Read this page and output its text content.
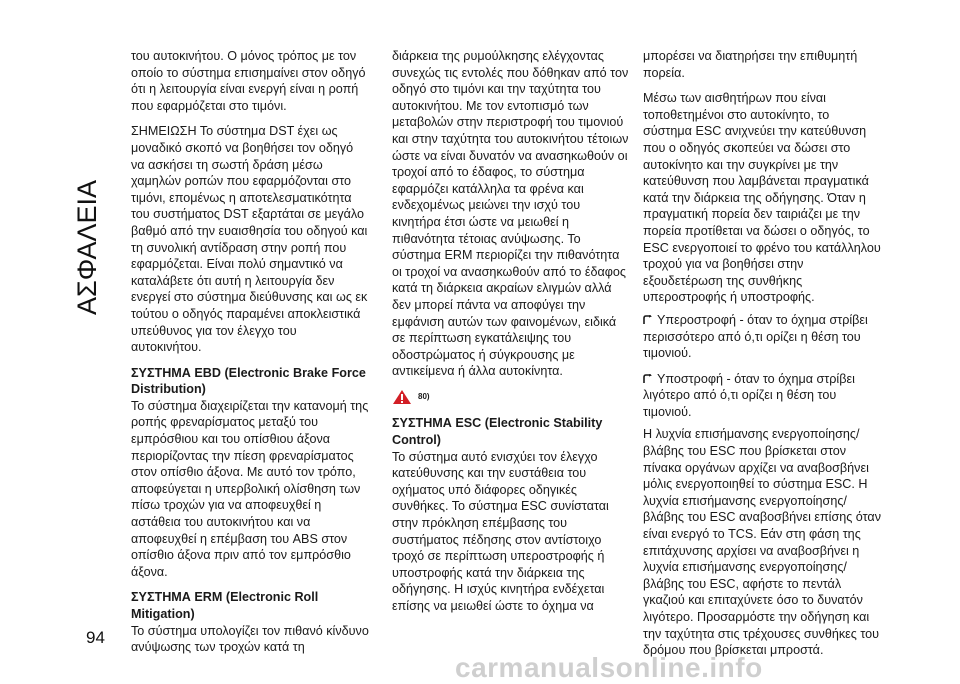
ΑΣΦΑΛΕΙΑ

του αυτοκινήτου. Ο μόνος τρόπος με τον οποίο το σύστημα επισημαίνει στον οδηγό ότι η λειτουργία είναι ενεργή είναι η ροπή που εφαρμόζεται στο τιμόνι.

ΣΗΜΕΙΩΣΗ Το σύστημα DST έχει ως μοναδικό σκοπό να βοηθήσει τον οδηγό να ασκήσει τη σωστή δράση μέσω χαμηλών ροπών που εφαρμόζονται στο τιμόνι, επομένως η αποτελεσματικότητα του συστήματος DST εξαρτάται σε μεγάλο βαθμό από την ευαισθησία του οδηγού και τη συνολική αντίδραση στην ροπή που εφαρμόζεται. Είναι πολύ σημαντικό να καταλάβετε ότι αυτή η λειτουργία δεν ενεργεί στο σύστημα διεύθυνσης και ως εκ τούτου ο οδηγός παραμένει αποκλειστικά υπεύθυνος για τον έλεγχο του αυτοκινήτου.

ΣΥΣΤΗΜΑ EBD (Electronic Brake Force Distribution)

Το σύστημα διαχειρίζεται την κατανομή της ροπής φρεναρίσματος μεταξύ του εμπρόσθιου και του οπίσθιου άξονα περιορίζοντας την πίεση φρεναρίσματος στον οπίσθιο άξονα. Με αυτό τον τρόπο, αποφεύγεται η υπερβολική ολίσθηση των πίσω τροχών για να αποφευχθεί η αστάθεια του αυτοκινήτου και να αποφευχθεί η επέμβαση του ABS στον οπίσθιο άξονα πριν από τον εμπρόσθιο άξονα.

ΣΥΣΤΗΜΑ ERM (Electronic Roll Mitigation)

Το σύστημα υπολογίζει τον πιθανό κίνδυνο ανύψωσης των τροχών κατά τη

διάρκεια της ρυμούλκησης ελέγχοντας συνεχώς τις εντολές που δόθηκαν από τον οδηγό στο τιμόνι και την ταχύτητα του αυτοκινήτου. Με τον εντοπισμό των μεταβολών στην περιστροφή του τιμονιού και στην ταχύτητα του αυτοκινήτου τέτοιων ώστε να είναι δυνατόν να ανασηκωθούν οι τροχοί από το έδαφος, το σύστημα εφαρμόζει κατάλληλα τα φρένα και ενδεχομένως μειώνει την ισχύ του κινητήρα έτσι ώστε να μειωθεί η πιθανότητα τέτοιας ανύψωσης. Το σύστημα ERM περιορίζει την πιθανότητα οι τροχοί να ανασηκωθούν από το έδαφος κατά τη διάρκεια ακραίων ελιγμών αλλά δεν μπορεί πάντα να αποφύγει την εμφάνιση αυτών των φαινομένων, ειδικά σε περίπτωση εγκατάλειψης του οδοστρώματος ή σύγκρουσης με αντικείμενα ή άλλα αυτοκίνητα.

80)
ΣΥΣΤΗΜΑ ESC (Electronic Stability Control)

Το σύστημα αυτό ενισχύει τον έλεγχο κατεύθυνσης και την ευστάθεια του οχήματος υπό διάφορες οδηγικές συνθήκες. Το σύστημα ESC συνίσταται στην πρόκληση επέμβασης του συστήματος πέδησης στον αντίστοιχο τροχό σε περίπτωση υπεροστροφής ή υποστροφής κατά την διάρκεια της οδήγησης. Η ισχύς κινητήρα ενδέχεται επίσης να μειωθεί ώστε το όχημα να

μπορέσει να διατηρήσει την επιθυμητή πορεία.

Μέσω των αισθητήρων που είναι τοποθετημένοι στο αυτοκίνητο, το σύστημα ESC ανιχνεύει την κατεύθυνση που ο οδηγός σκοπεύει να δώσει στο αυτοκίνητο και την συγκρίνει με την κατεύθυνση που λαμβάνεται πραγματικά κατά την διάρκεια της οδήγησης. Όταν η πραγματική πορεία δεν ταιριάζει με την πορεία προτίθεται να δώσει ο οδηγός, το ESC ενεργοποιεί το φρένο του κατάλληλου τροχού για να βοηθήσει στην εξουδετέρωση της συνθήκης υπεροστροφής ή υποστροφής.

Υπεροστροφή - όταν το όχημα στρίβει περισσότερο από ό,τι ορίζει η θέση του τιμονιού.

Υποστροφή - όταν το όχημα στρίβει λιγότερο από ό,τι ορίζει η θέση του τιμονιού.

Η λυχνία επισήμανσης ενεργοποίησης/βλάβης του ESC που βρίσκεται στον πίνακα οργάνων αρχίζει να αναβοσβήνει μόλις ενεργοποιηθεί το σύστημα ESC. Η λυχνία επισήμανσης ενεργοποίησης/βλάβης του ESC αναβοσβήνει επίσης όταν είναι ενεργό το TCS. Εάν στη φάση της επιτάχυνσης αρχίσει να αναβοσβήνει η λυχνία επισήμανσης ενεργοποίησης/βλάβης του ESC, αφήστε το πεντάλ γκαζιού και επιταχύνετε όσο το δυνατόν λιγότερο. Προσαρμόστε την οδήγηση και την ταχύτητα στις τρέχουσες συνθήκες του δρόμου που βρίσκεται μπροστά.

94
carmanualsonline.info
